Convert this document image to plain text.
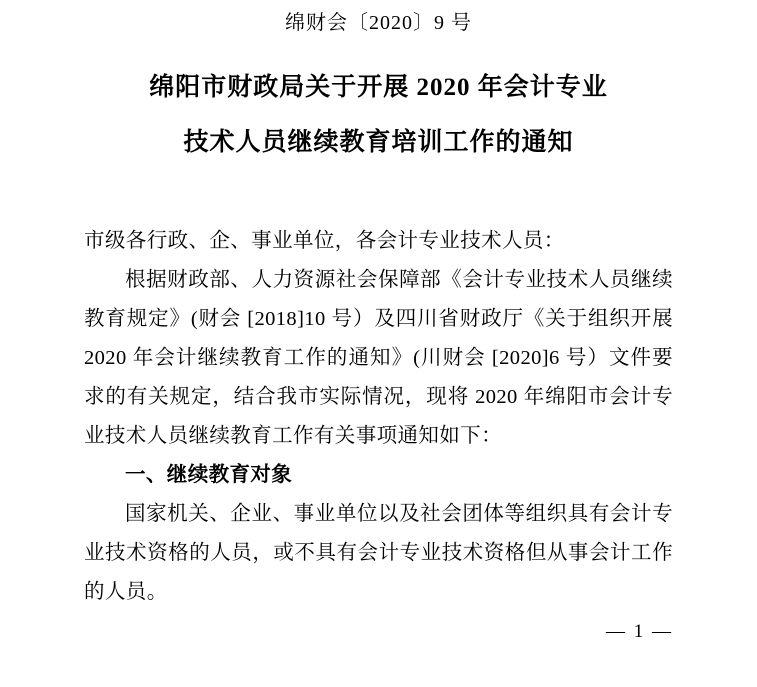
绵财会〔2020〕9 号
绵阳市财政局关于开展 2020 年会计专业
技术人员继续教育培训工作的通知

市级各行政、企、事业单位，各会计专业技术人员：

根据财政部、人力资源社会保障部《会计专业技术人员继续教育规定》(财会 [2018]10 号）及四川省财政厅《关于组织开展 2020 年会计继续教育工作的通知》(川财会 [2020]6 号）文件要求的有关规定，结合我市实际情况，现将 2020 年绵阳市会计专业技术人员继续教育工作有关事项通知如下：

一、继续教育对象

国家机关、企业、事业单位以及社会团体等组织具有会计专业技术资格的人员，或不具有会计专业技术资格但从事会计工作的人员。

— 1 —
